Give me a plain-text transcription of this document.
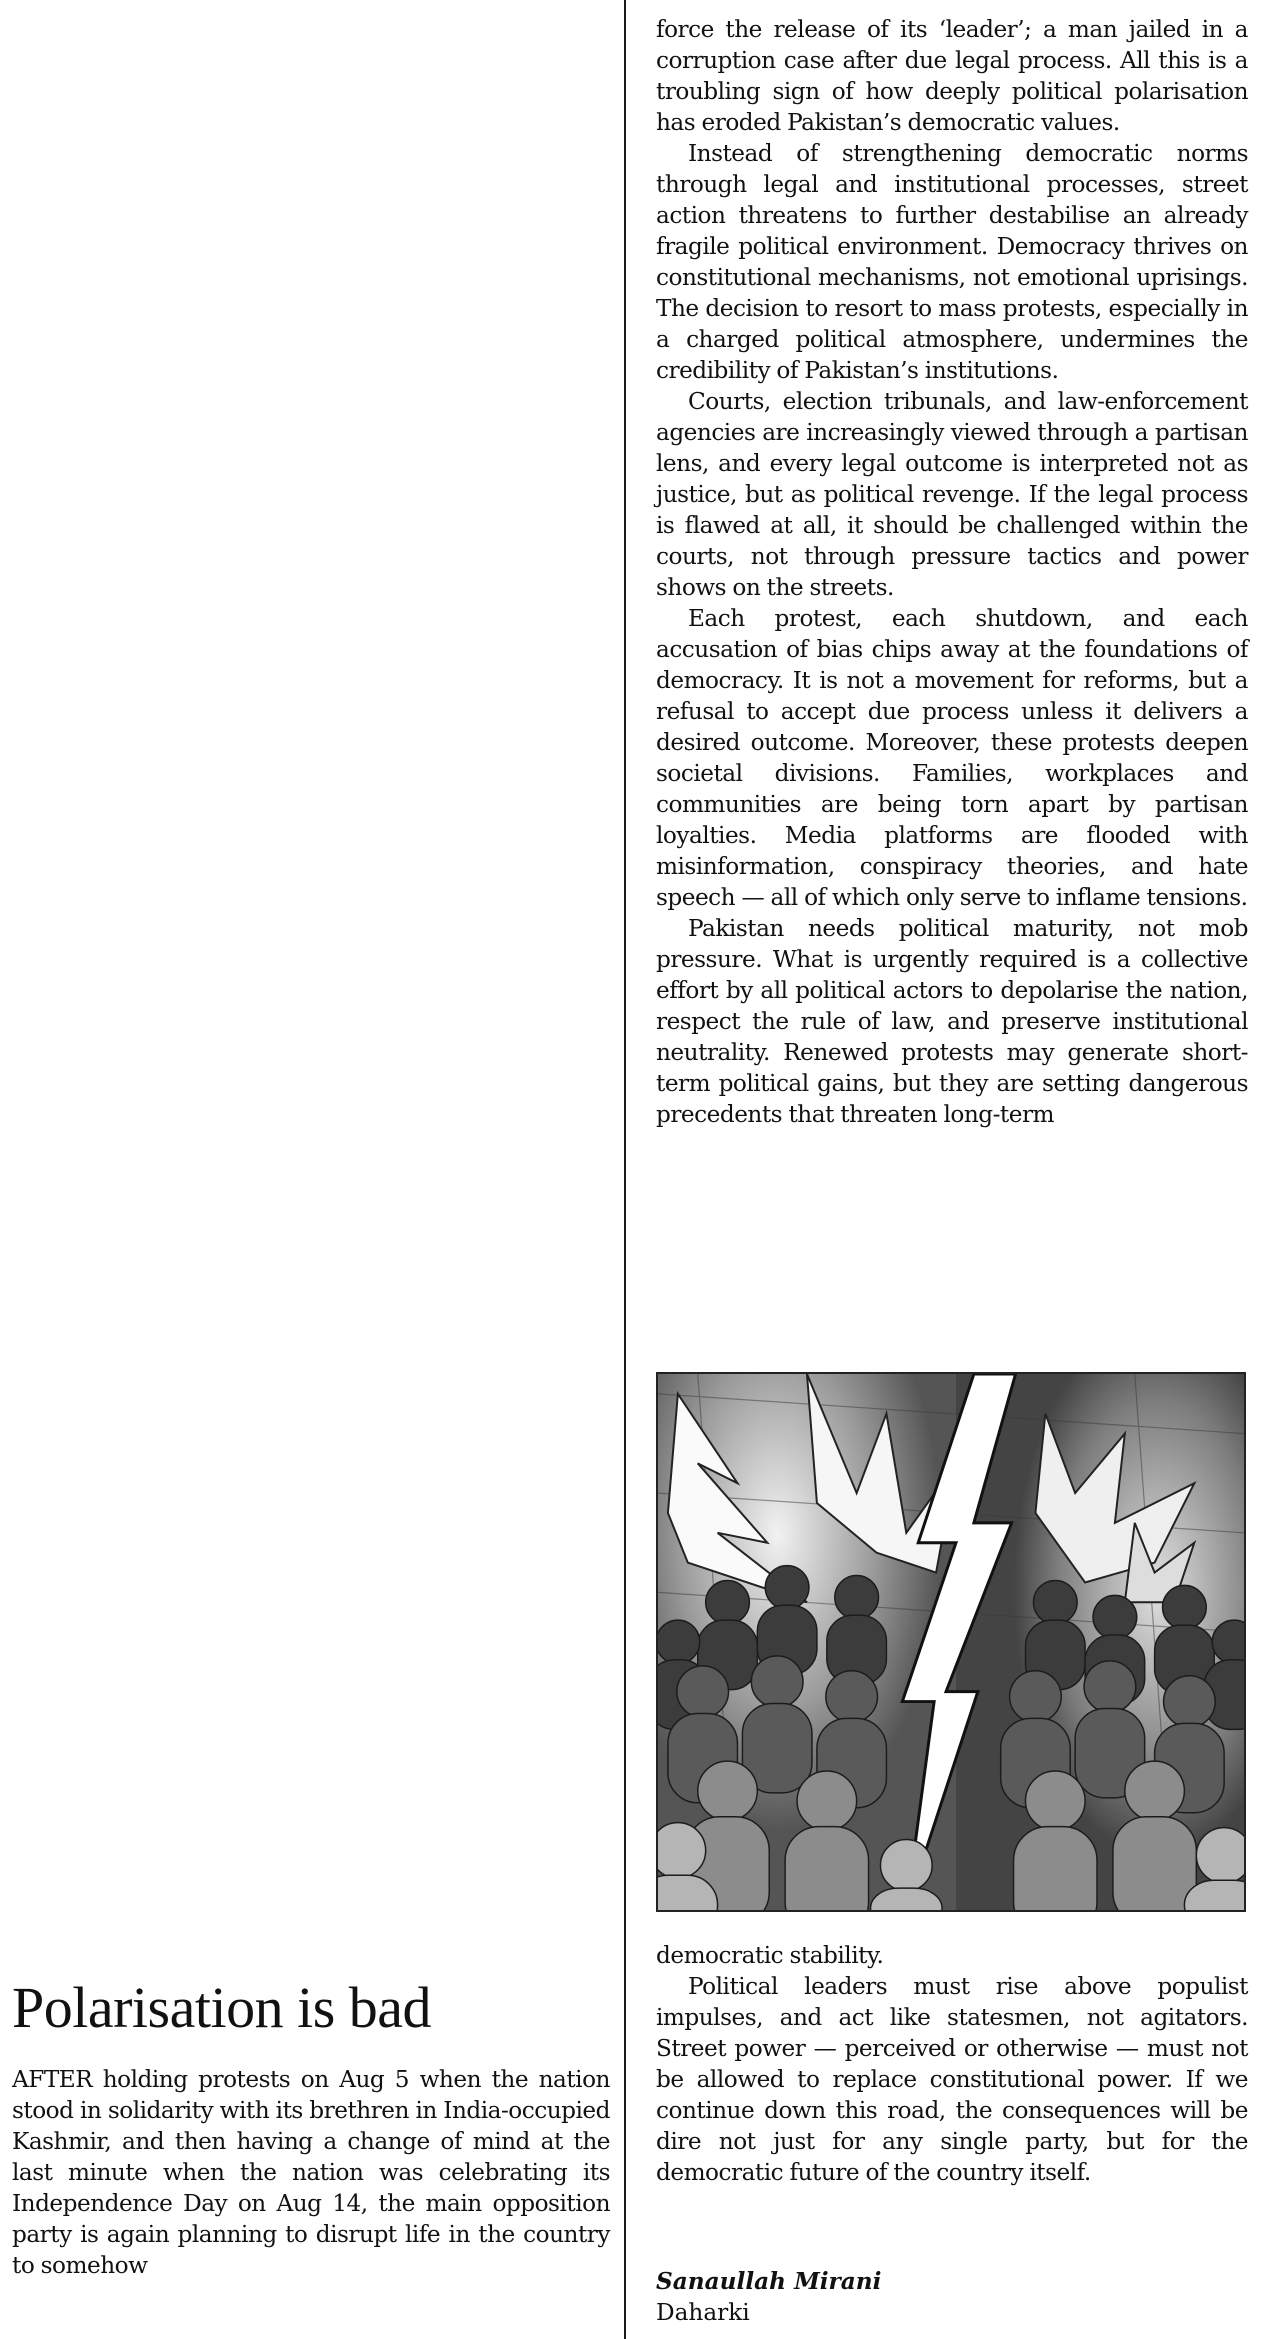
force the release of its ‘leader’; a man jailed in a corruption case after due legal process. All this is a troubling sign of how deeply political polarisation has eroded Pakistan’s democratic values.
Instead of strengthening democratic norms through legal and institutional processes, street action threatens to further destabilise an already fragile political environment. Democracy thrives on constitutional mechanisms, not emotional uprisings. The decision to resort to mass protests, especially in a charged political atmosphere, undermines the credibility of Pakistan’s institutions.
Courts, election tribunals, and law-enforcement agencies are increasingly viewed through a partisan lens, and every legal outcome is interpreted not as justice, but as political revenge. If the legal process is flawed at all, it should be challenged within the courts, not through pressure tactics and power shows on the streets.
Each protest, each shutdown, and each accusation of bias chips away at the foundations of democracy. It is not a movement for reforms, but a refusal to accept due process unless it delivers a desired outcome. Moreover, these protests deepen societal divisions. Families, workplaces and communities are being torn apart by partisan loyalties. Media platforms are flooded with misinformation, conspiracy theories, and hate speech — all of which only serve to inflame tensions.
Pakistan needs political maturity, not mob pressure. What is urgently required is a collective effort by all political actors to depolarise the nation, respect the rule of law, and preserve institutional neutrality. Renewed protests may generate short-term political gains, but they are setting dangerous precedents that threaten long-term
democratic stability.
Political leaders must rise above populist impulses, and act like statesmen, not agitators. Street power — perceived or otherwise — must not be allowed to replace constitutional power. If we continue down this road, the consequences will be dire not just for any single party, but for the democratic future of the country itself.
Sanaullah Mirani
Daharki
Polarisation is bad
AFTER holding protests on Aug 5 when the nation stood in solidarity with its brethren in India-occupied Kashmir, and then having a change of mind at the last minute when the nation was celebrating its Independence Day on Aug 14, the main opposition party is again planning to disrupt life in the country to somehow
